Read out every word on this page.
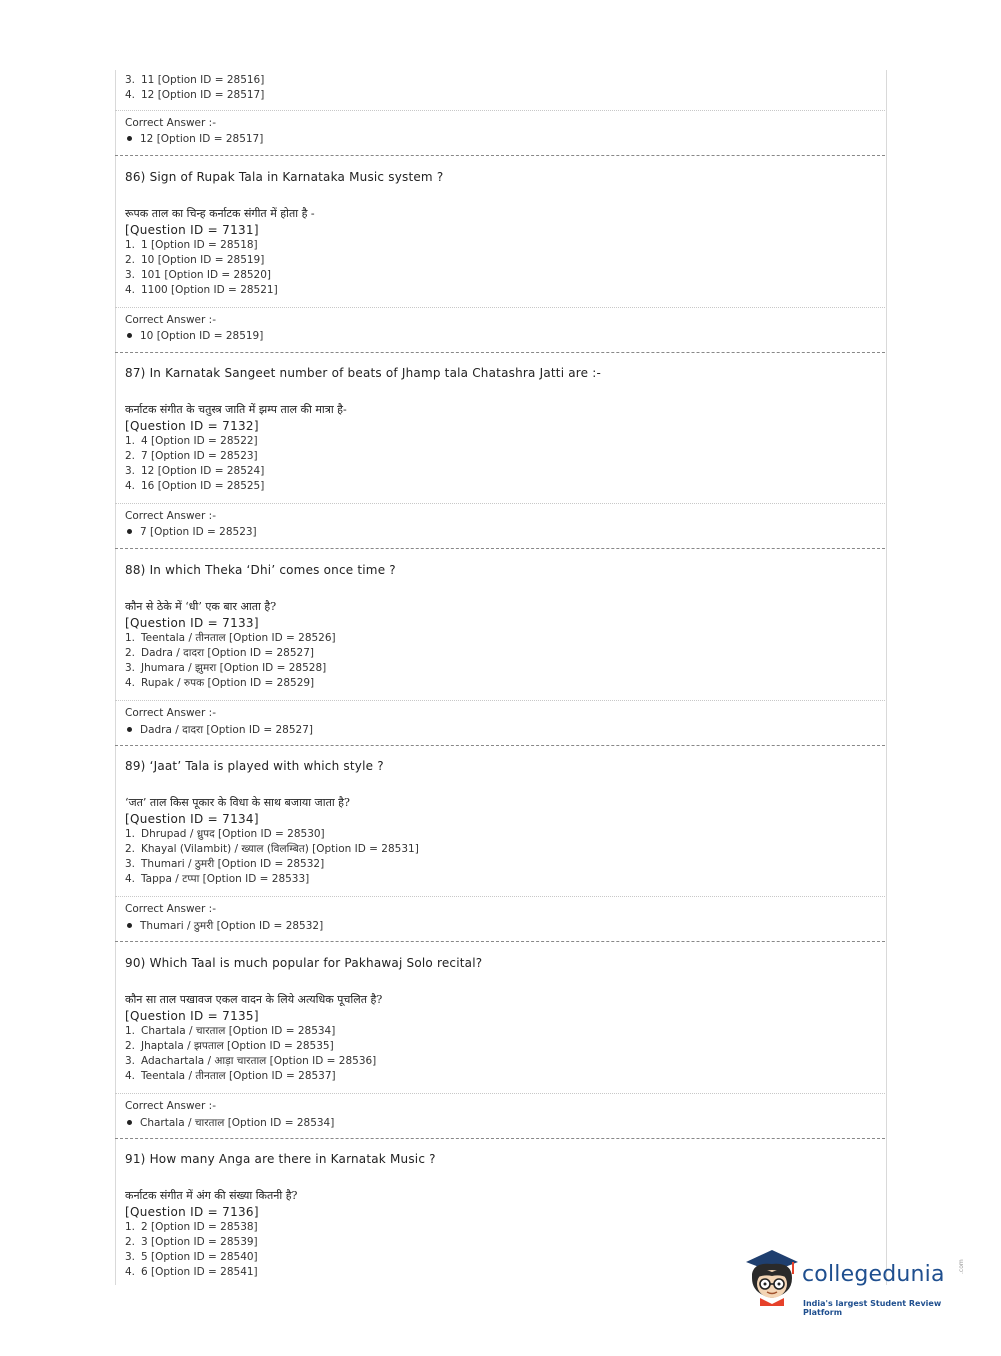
3. 11 [Option ID = 28516]

4. 12 [Option ID = 28517]

Correct Answer :-

12 [Option ID = 28517]

86) Sign of Rupak Tala in Karnataka Music system ?

रूपक ताल का चिन्ह कर्नाटक संगीत में होता है -

[Question ID = 7131]

1. 1 [Option ID = 28518]

2. 10 [Option ID = 28519]

3. 101 [Option ID = 28520]

4. 1100 [Option ID = 28521]

Correct Answer :-

10 [Option ID = 28519]

87) In Karnatak Sangeet number of beats of Jhamp tala Chatashra Jatti are :-

कर्नाटक संगीत के चतुस्त्र जाति में झम्प ताल की मात्रा है-

[Question ID = 7132]

1. 4 [Option ID = 28522]

2. 7 [Option ID = 28523]

3. 12 [Option ID = 28524]

4. 16 [Option ID = 28525]

Correct Answer :-

7 [Option ID = 28523]

88) In which Theka ‘Dhi’ comes once time ?

कौन से ठेके में ‘धी’ एक बार आता है?

[Question ID = 7133]

1. Teentala / तीनताल [Option ID = 28526]

2. Dadra / दादरा [Option ID = 28527]

3. Jhumara / झुमरा [Option ID = 28528]

4. Rupak / रुपक [Option ID = 28529]

Correct Answer :-

Dadra / दादरा [Option ID = 28527]

89) ‘Jaat’ Tala is played with which style ?

‘जत’ ताल किस पूकार के विधा के साथ बजाया जाता है?

[Question ID = 7134]

1. Dhrupad / ध्रुपद [Option ID = 28530]

2. Khayal (Vilambit) / ख्याल (विलम्बित) [Option ID = 28531]

3. Thumari / ठुमरी [Option ID = 28532]

4. Tappa / टप्पा [Option ID = 28533]

Correct Answer :-

Thumari / ठुमरी [Option ID = 28532]

90) Which Taal is much popular for Pakhawaj Solo recital?

कौन सा ताल पखावज एकल वादन के लिये अत्यधिक पूचलित है?

[Question ID = 7135]

1. Chartala / चारताल [Option ID = 28534]

2. Jhaptala / झपताल [Option ID = 28535]

3. Adachartala / आड़ा चारताल [Option ID = 28536]

4. Teentala / तीनताल [Option ID = 28537]

Correct Answer :-

Chartala / चारताल [Option ID = 28534]

91) How many Anga are there in Karnatak Music ?

कर्नाटक संगीत में अंग की संख्या कितनी है?

[Question ID = 7136]

1. 2 [Option ID = 28538]

2. 3 [Option ID = 28539]

3. 5 [Option ID = 28540]

4. 6 [Option ID = 28541]	collegedunia .com
India's largest Student Review Platform
